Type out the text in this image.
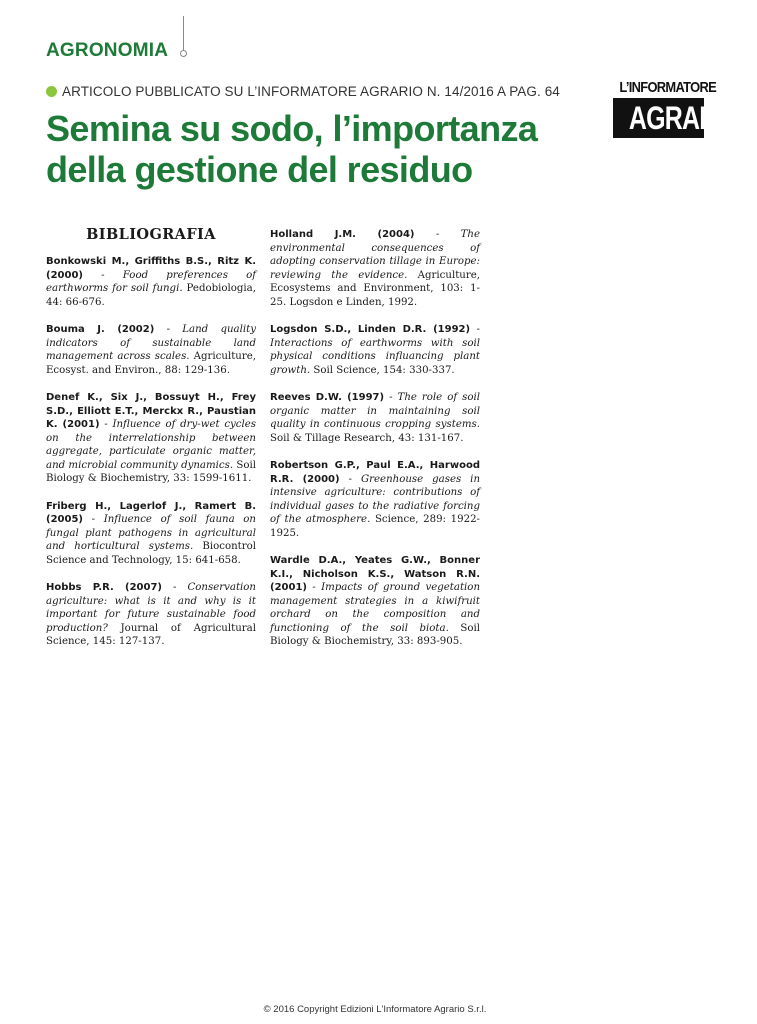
AGRONOMIA
ARTICOLO PUBBLICATO SU L’INFORMATORE AGRARIO N. 14/2016 A PAG. 64
Semina su sodo, l’importanza della gestione del residuo
L’INFORMATORE
AGRARIO
BIBLIOGRAFIA

Bonkowski M., Griffiths B.S., Ritz K. (2000) - Food preferences of earthworms for soil fungi. Pedobiologia, 44: 66-676.

Bouma J. (2002) - Land quality indicators of sustainable land management across scales. Agriculture, Ecosyst. and Environ., 88: 129-136.

Denef K., Six J., Bossuyt H., Frey S.D., Elliott E.T., Merckx R., Paustian K. (2001) - Influence of dry-wet cycles on the interrelationship between aggregate, particulate organic matter, and microbial community dynamics. Soil Biology & Biochemistry, 33: 1599-1611.

Friberg H., Lagerlof J., Ramert B. (2005) - Influence of soil fauna on fungal plant pathogens in agricultural and horticultural systems. Biocontrol Science and Technology, 15: 641-658.

Hobbs P.R. (2007) - Conservation agriculture: what is it and why is it important for future sustainable food production? Journal of Agricultural Science, 145: 127-137.

Holland J.M. (2004) - The environmental consequences of adopting conservation tillage in Europe: reviewing the evidence. Agriculture, Ecosystems and Environment, 103: 1-25. Logsdon e Linden, 1992.

Logsdon S.D., Linden D.R. (1992) - Interactions of earthworms with soil physical conditions influancing plant growth. Soil Science, 154: 330-337.

Reeves D.W. (1997) - The role of soil organic matter in maintaining soil quality in continuous cropping systems. Soil & Tillage Research, 43: 131-167.

Robertson G.P., Paul E.A., Harwood R.R. (2000) - Greenhouse gases in intensive agriculture: contributions of individual gases to the radiative forcing of the atmosphere. Science, 289: 1922-1925.

Wardle D.A., Yeates G.W., Bonner K.I., Nicholson K.S., Watson R.N. (2001) - Impacts of ground vegetation management strategies in a kiwifruit orchard on the composition and functioning of the soil biota. Soil Biology & Biochemistry, 33: 893-905.

© 2016 Copyright Edizioni L'Informatore Agrario S.r.l.
